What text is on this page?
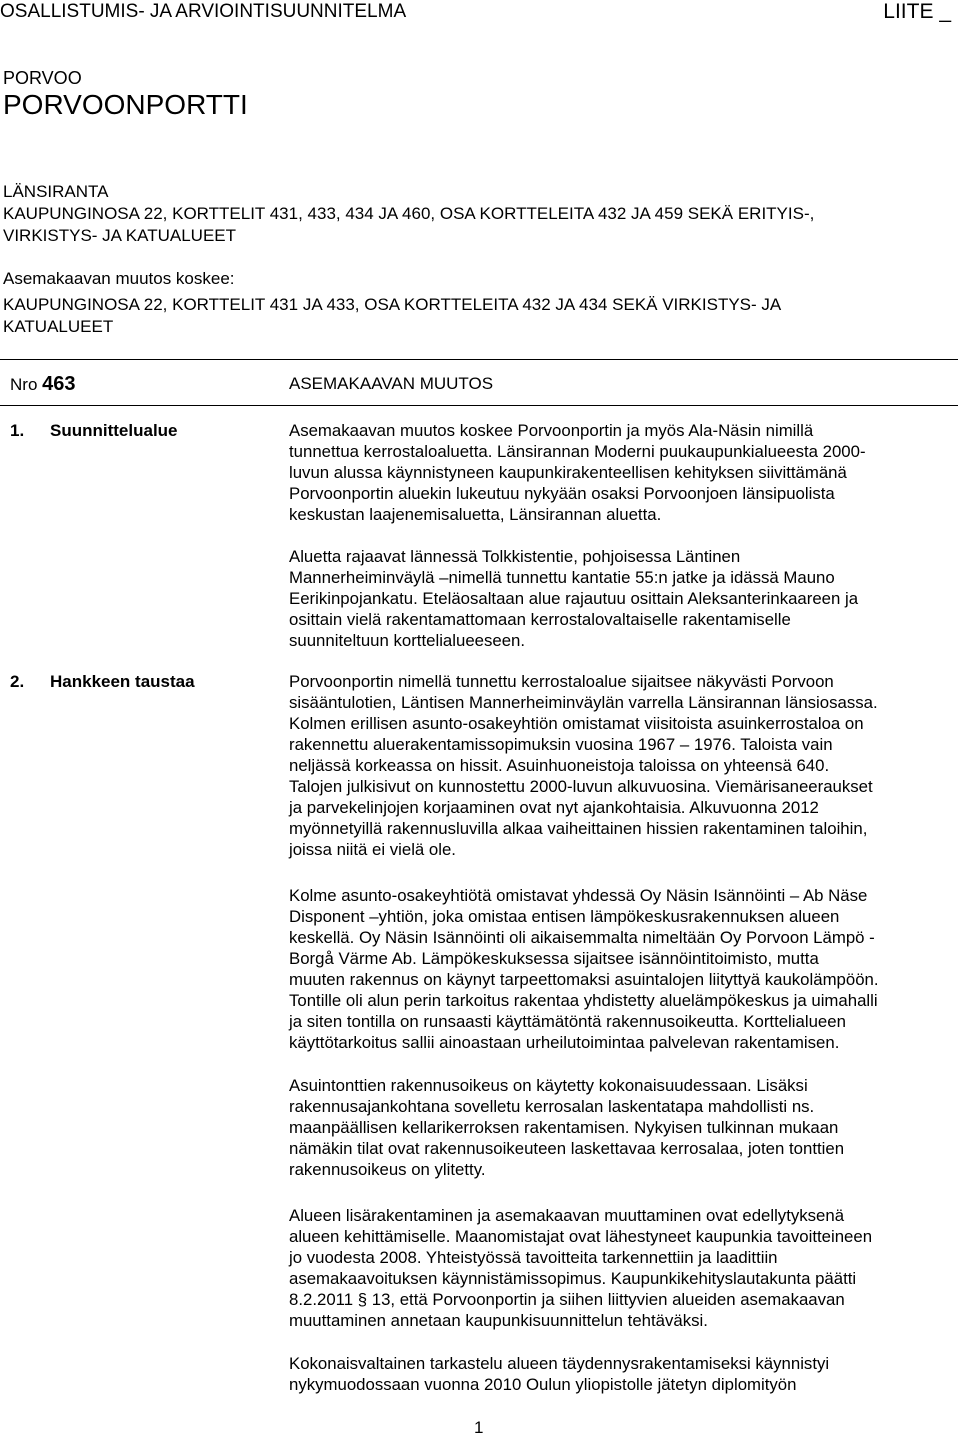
OSALLISTUMIS- JA ARVIOINTISUUNNITELMA	LIITE _
PORVOO
PORVOONPORTTI
LÄNSIRANTA
KAUPUNGINOSA 22, KORTTELIT 431, 433, 434 JA 460, OSA KORTTELEITA 432 JA 459 SEKÄ ERITYIS-,
VIRKISTYS- JA KATUALUEET
Asemakaavan muutos koskee:
KAUPUNGINOSA 22, KORTTELIT 431 JA 433, OSA KORTTELEITA 432 JA 434 SEKÄ VIRKISTYS- JA
KATUALUEET
Nro 463	ASEMAKAAVAN MUUTOS
1. Suunnittelualue	Asemakaavan muutos koskee Porvoonportin ja myös Ala-Näsin nimillä
tunnettua kerrostaloaluetta. Länsirannan Moderni puukaupunkialueesta 2000-
luvun alussa käynnistyneen kaupunkirakenteellisen kehityksen siivittämänä
Porvoonportin aluekin lukeutuu nykyään osaksi Porvoonjoen länsipuolista
keskustan laajenemisaluetta, Länsirannan aluetta.
Aluetta rajaavat lännessä Tolkkistentie, pohjoisessa Läntinen
Mannerheiminväylä –nimellä tunnettu kantatie 55:n jatke ja idässä Mauno
Eerikinpojankatu. Eteläosaltaan alue rajautuu osittain Aleksanterinkaareen ja
osittain vielä rakentamattomaan kerrostalovaltaiselle rakentamiselle
suunniteltuun korttelialueeseen.
2. Hankkeen taustaa	Porvoonportin nimellä tunnettu kerrostaloalue sijaitsee näkyvästi Porvoon
sisääntulotien, Läntisen Mannerheiminväylän varrella Länsirannan länsiosassa.
Kolmen erillisen asunto-osakeyhtiön omistamat viisitoista asuinkerrostaloa on
rakennettu aluerakentamissopimuksin vuosina 1967 – 1976. Taloista vain
neljässä korkeassa on hissit. Asuinhuoneistoja taloissa on yhteensä 640.
Talojen julkisivut on kunnostettu 2000-luvun alkuvuosina. Viemärisaneeraukset
ja parvekelinjojen korjaaminen ovat nyt ajankohtaisia. Alkuvuonna 2012
myönnetyillä rakennusluvilla alkaa vaiheittainen hissien rakentaminen taloihin,
joissa niitä ei vielä ole.
Kolme asunto-osakeyhtiötä omistavat yhdessä Oy Näsin Isännöinti – Ab Näse
Disponent –yhtiön, joka omistaa entisen lämpökeskusrakennuksen alueen
keskellä. Oy Näsin Isännöinti oli aikaisemmalta nimeltään Oy Porvoon Lämpö -
Borgå Värme Ab. Lämpökeskuksessa sijaitsee isännöintitoimisto, mutta
muuten rakennus on käynyt tarpeettomaksi asuintalojen liityttyä kaukolämpöön.
Tontille oli alun perin tarkoitus rakentaa yhdistetty aluelämpökeskus ja uimahalli
ja siten tontilla on runsaasti käyttämätöntä rakennusoikeutta. Korttelialueen
käyttötarkoitus sallii ainoastaan urheilutoimintaa palvelevan rakentamisen.
Asuintonttien rakennusoikeus on käytetty kokonaisuudessaan. Lisäksi
rakennusajankohtana sovelletu kerrosalan laskentatapa mahdollisti ns.
maanpäällisen kellarikerroksen rakentamisen. Nykyisen tulkinnan mukaan
nämäkin tilat ovat rakennusoikeuteen laskettavaa kerrosalaa, joten tonttien
rakennusoikeus on ylitetty.
Alueen lisärakentaminen ja asemakaavan muuttaminen ovat edellytyksenä
alueen kehittämiselle. Maanomistajat ovat lähestyneet kaupunkia tavoitteineen
jo vuodesta 2008. Yhteistyössä tavoitteita tarkennettiin ja laadittiin
asemakaavoituksen käynnistämissopimus. Kaupunkikehityslautakunta päätti
8.2.2011 § 13, että Porvoonportin ja siihen liittyvien alueiden asemakaavan
muuttaminen annetaan kaupunkisuunnittelun tehtäväksi.
Kokonaisvaltainen tarkastelu alueen täydennysrakentamiseksi käynnistyi
nykymuodossaan vuonna 2010 Oulun yliopistolle jätetyn diplomityön
1
